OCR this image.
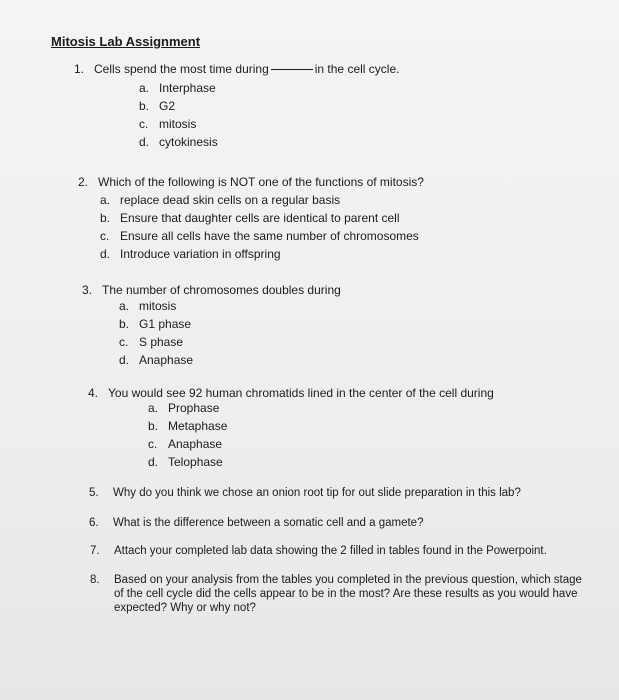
Mitosis Lab Assignment
1. Cells spend the most time during	in the cell cycle.
a. Interphase
b. G2
c. mitosis
d. cytokinesis
2. Which of the following is NOT one of the functions of mitosis?
a. replace dead skin cells on a regular basis
b. Ensure that daughter cells are identical to parent cell
c. Ensure all cells have the same number of chromosomes
d. Introduce variation in offspring
3. The number of chromosomes doubles during
a. mitosis
b. G1 phase
c. S phase
d. Anaphase
4. You would see 92 human chromatids lined in the center of the cell during
a. Prophase
b. Metaphase
c. Anaphase
d. Telophase
5. Why do you think we chose an onion root tip for out slide preparation in this lab?
6. What is the difference between a somatic cell and a gamete?
7. Attach your completed lab data showing the 2 filled in tables found in the Powerpoint.
8. Based on your analysis from the tables you completed in the previous question, which stage of the cell cycle did the cells appear to be in the most? Are these results as you would have expected? Why or why not?
